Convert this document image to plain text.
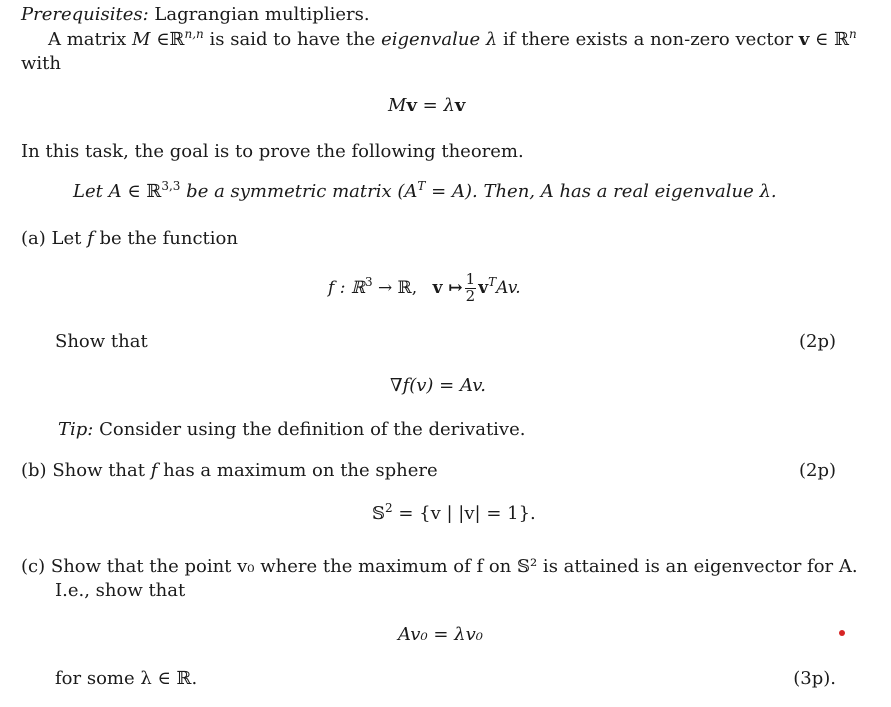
Prerequisites: Lagrangian multipliers.
A matrix M ∈ℝ$^{n,n}$ is said to have the eigenvalue λ if there exists a non-zero vector v ∈ ℝ$^n$
with
Mv = λv
In this task, the goal is to prove the following theorem.
Let A ∈ ℝ$^{3,3}$ be a symmetric matrix $(A^T = A)$. Then, A has a real eigenvalue λ.
(a) Let f be the function
f : ℝ$^3$ → ℝ, v ↦ $\frac{1}{2} v^TAv$.
Show that	(2p)
∇f(v) = Av.
Tip: Consider using the definition of the derivative.
(b) Show that f has a maximum on the sphere	(2p)
𝕊$^2$ = {v | |v| = 1}.
(c) Show that the point v₀ where the maximum of f on 𝕊² is attained is an eigenvector for A.
I.e., show that
Av₀ = λv₀
for some λ ∈ ℝ.	(3p).
